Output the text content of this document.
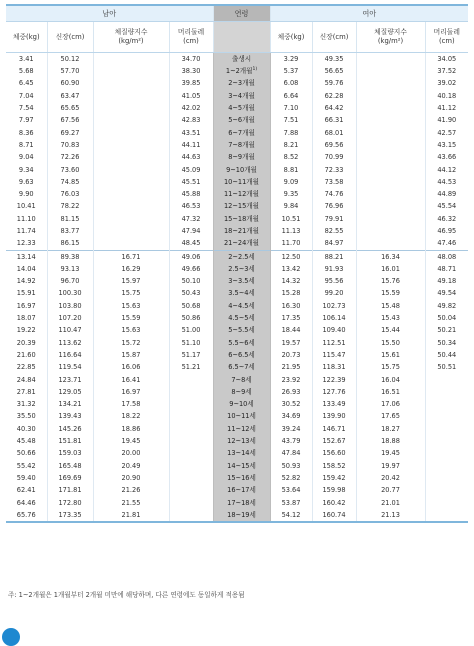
남아				연령	여아			
체중(kg)	신장(cm)	체질량지수
(kg/m²)	머리둘레
(cm)		체중(kg)	신장(cm)	체질량지수
(kg/m²)	머리둘레
(cm)
3.41	50.12		34.70	출생시	3.29	49.35		34.05
5.68	57.70		38.30	1~2개월$^{1)}$	5.37	56.65		37.52
6.45	60.90		39.85	2~3개월	6.08	59.76		39.02
7.04	63.47		41.05	3~4개월	6.64	62.28		40.18
7.54	65.65		42.02	4~5개월	7.10	64.42		41.12
7.97	67.56		42.83	5~6개월	7.51	66.31		41.90
8.36	69.27		43.51	6~7개월	7.88	68.01		42.57
8.71	70.83		44.11	7~8개월	8.21	69.56		43.15
9.04	72.26		44.63	8~9개월	8.52	70.99		43.66
9.34	73.60		45.09	9~10개월	8.81	72.33		44.12
9.63	74.85		45.51	10~11개월	9.09	73.58		44.53
9.90	76.03		45.88	11~12개월	9.35	74.76		44.89
10.41	78.22		46.53	12~15개월	9.84	76.96		45.54
11.10	81.15		47.32	15~18개월	10.51	79.91		46.32
11.74	83.77		47.94	18~21개월	11.13	82.55		46.95
12.33	86.15		48.45	21~24개월	11.70	84.97		47.46
13.14	89.38	16.71	49.06	2~2.5세	12.50	88.21	16.34	48.08
14.04	93.13	16.29	49.66	2.5~3세	13.42	91.93	16.01	48.71
14.92	96.70	15.97	50.10	3~3.5세	14.32	95.56	15.76	49.18
15.91	100.30	15.75	50.43	3.5~4세	15.28	99.20	15.59	49.54
16.97	103.80	15.63	50.68	4~4.5세	16.30	102.73	15.48	49.82
18.07	107.20	15.59	50.86	4.5~5세	17.35	106.14	15.43	50.04
19.22	110.47	15.63	51.00	5~5.5세	18.44	109.40	15.44	50.21
20.39	113.62	15.72	51.10	5.5~6세	19.57	112.51	15.50	50.34
21.60	116.64	15.87	51.17	6~6.5세	20.73	115.47	15.61	50.44
22.85	119.54	16.06	51.21	6.5~7세	21.95	118.31	15.75	50.51
24.84	123.71	16.41		7~8세	23.92	122.39	16.04	
27.81	129.05	16.97		8~9세	26.93	127.76	16.51	
31.32	134.21	17.58		9~10세	30.52	133.49	17.06	
35.50	139.43	18.22		10~11세	34.69	139.90	17.65	
40.30	145.26	18.86		11~12세	39.24	146.71	18.27	
45.48	151.81	19.45		12~13세	43.79	152.67	18.88	
50.66	159.03	20.00		13~14세	47.84	156.60	19.45	
55.42	165.48	20.49		14~15세	50.93	158.52	19.97	
59.40	169.69	20.90		15~16세	52.82	159.42	20.42	
62.41	171.81	21.26		16~17세	53.64	159.98	20.77	
64.46	172.80	21.55		17~18세	53.87	160.42	21.01	
65.76	173.35	21.81		18~19세	54.12	160.74	21.13	
주: 1~2개월은 1개월부터 2개월 미만에 해당하며, 다른 연령에도 동일하게 적용됨
